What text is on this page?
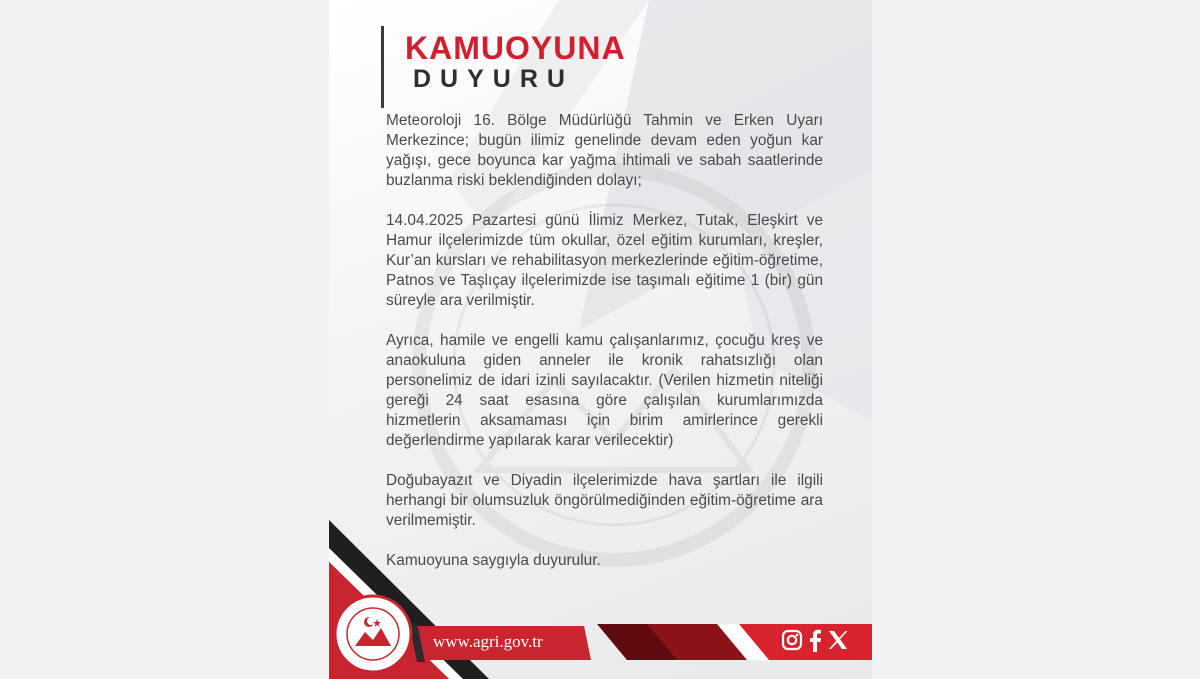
KAMUOYUNA
DUYURU

Meteoroloji 16. Bölge Müdürlüğü Tahmin ve Erken Uyarı Merkezince; bugün ilimiz genelinde devam eden yoğun kar yağışı, gece boyunca kar yağma ihtimali ve sabah saatlerinde buzlanma riski beklendiğinden dolayı;

14.04.2025 Pazartesi günü İlimiz Merkez, Tutak, Eleşkirt ve Hamur ilçelerimizde tüm okullar, özel eğitim kurumları, kreşler, Kur’an kursları ve rehabilitasyon merkezlerinde eğitim-öğretime, Patnos ve Taşlıçay ilçelerimizde ise taşımalı eğitime 1 (bir) gün süreyle ara verilmiştir.

Ayrıca, hamile ve engelli kamu çalışanlarımız, çocuğu kreş ve anaokuluna giden anneler ile kronik rahatsızlığı olan personelimiz de idari izinli sayılacaktır. (Verilen hizmetin niteliği gereği 24 saat esasına göre çalışılan kurumlarımızda hizmetlerin aksamaması için birim amirlerince gerekli değerlendirme yapılarak karar verilecektir)

Doğubayazıt ve Diyadin ilçelerimizde hava şartları ile ilgili herhangi bir olumsuzluk öngörülmediğinden eğitim-öğretime ara verilmemiştir.

Kamuoyuna saygıyla duyurulur.

www.agri.gov.tr
